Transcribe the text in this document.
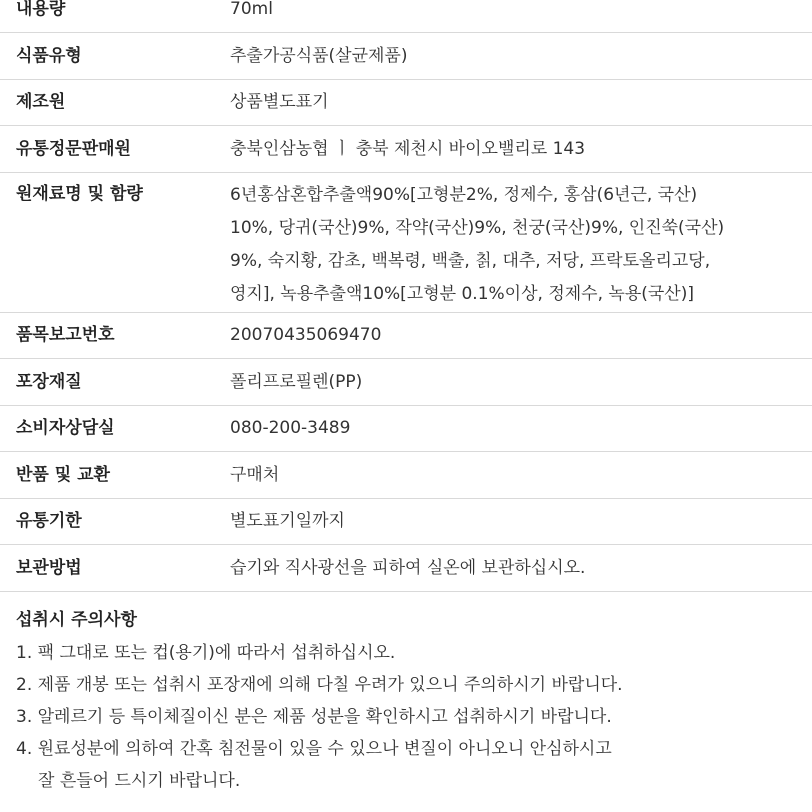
내용량	70ml
식품유형	추출가공식품(살균제품)
제조원	상품별도표기
유통정문판매원	충북인삼농협 ㅣ 충북 제천시 바이오밸리로 143
원재료명 및 함량	6년홍삼혼합추출액90%[고형분2%, 정제수, 홍삼(6년근, 국산)
10%, 당귀(국산)9%, 작약(국산)9%, 천궁(국산)9%, 인진쑥(국산)
9%, 숙지황, 감초, 백복령, 백출, 칡, 대추, 저당, 프락토올리고당,
영지], 녹용추출액10%[고형분 0.1%이상, 정제수, 녹용(국산)]
품목보고번호	20070435069470
포장재질	폴리프로필렌(PP)
소비자상담실	080-200-3489
반품 및 교환	구매처
유통기한	별도표기일까지
보관방법	습기와 직사광선을 피하여 실온에 보관하십시오.
섭취시 주의사항
1. 팩 그대로 또는 컵(용기)에 따라서 섭취하십시오.
2. 제품 개봉 또는 섭취시 포장재에 의해 다칠 우려가 있으니 주의하시기 바랍니다.
3. 알레르기 등 특이체질이신 분은 제품 성분을 확인하시고 섭취하시기 바랍니다.
4. 원료성분에 의하여 간혹 침전물이 있을 수 있으나 변질이 아니오니 안심하시고
잘 흔들어 드시기 바랍니다.
